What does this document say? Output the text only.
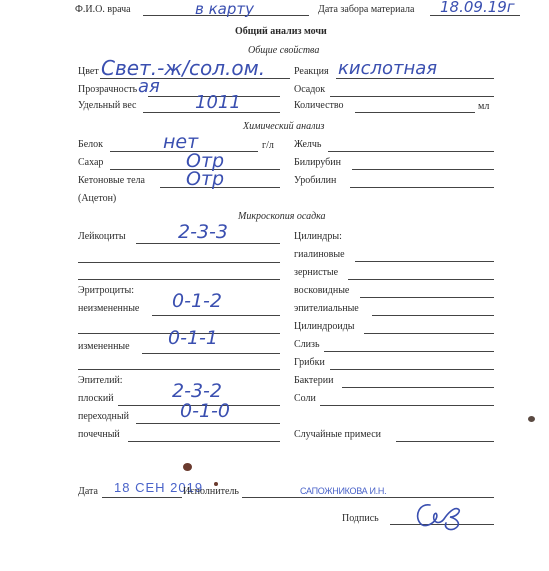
Ф.И.О. врача	в карту	Дата забора материала 18.09.19г
Общий анализ мочи
Общие свойства
Цвет Свет.-ж/сол.ом.	Реакция кислотная
Прозрачность ая	Осадок
Удельный вес	1011	Количество	мл
Химический анализ
Белок	нет	г/л Желчь
Сахар	Отр	Билирубин
Кетоновые тела Отр	Уробилин
(Ацетон)
Микроскопия осадка
Лейкоциты	2-3-3	Цилиндры:
гиалиновые
зернистые
Эритроциты:	восковидные
неизмененные 0-1-2	эпителиальные
Цилиндроиды
измененные 0-1-1	Слизь
Грибки
Эпителий:	Бактерии
плоский	2-3-2	Соли
переходный	0-1-0
почечный	Случайные примеси
Дата 18 СЕН 2019
Исполнитель	САПОЖНИКОВА И.Н.
Подпись
